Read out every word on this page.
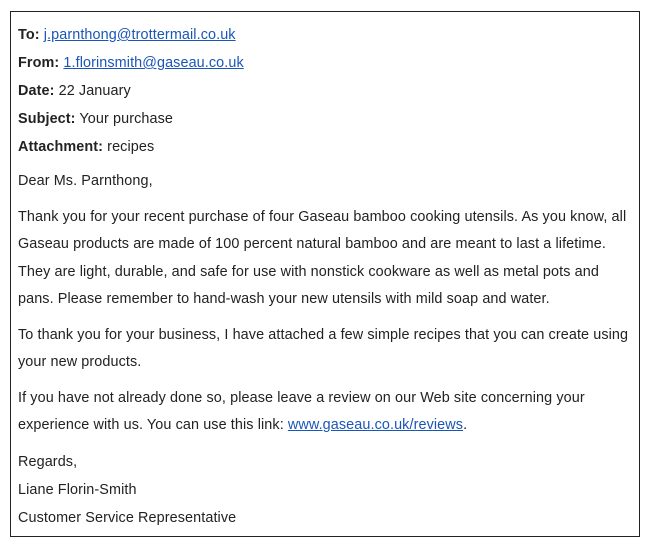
To: j.parnthong@trottermail.co.uk
From: 1.florinsmith@gaseau.co.uk
Date: 22 January
Subject: Your purchase
Attachment: recipes

Dear Ms. Parnthong,

Thank you for your recent purchase of four Gaseau bamboo cooking utensils. As you know, all Gaseau products are made of 100 percent natural bamboo and are meant to last a lifetime. They are light, durable, and safe for use with nonstick cookware as well as metal pots and pans. Please remember to hand-wash your new utensils with mild soap and water.

To thank you for your business, I have attached a few simple recipes that you can create using your new products.

If you have not already done so, please leave a review on our Web site concerning your experience with us. You can use this link: www.gaseau.co.uk/reviews.

Regards,
Liane Florin-Smith
Customer Service Representative
